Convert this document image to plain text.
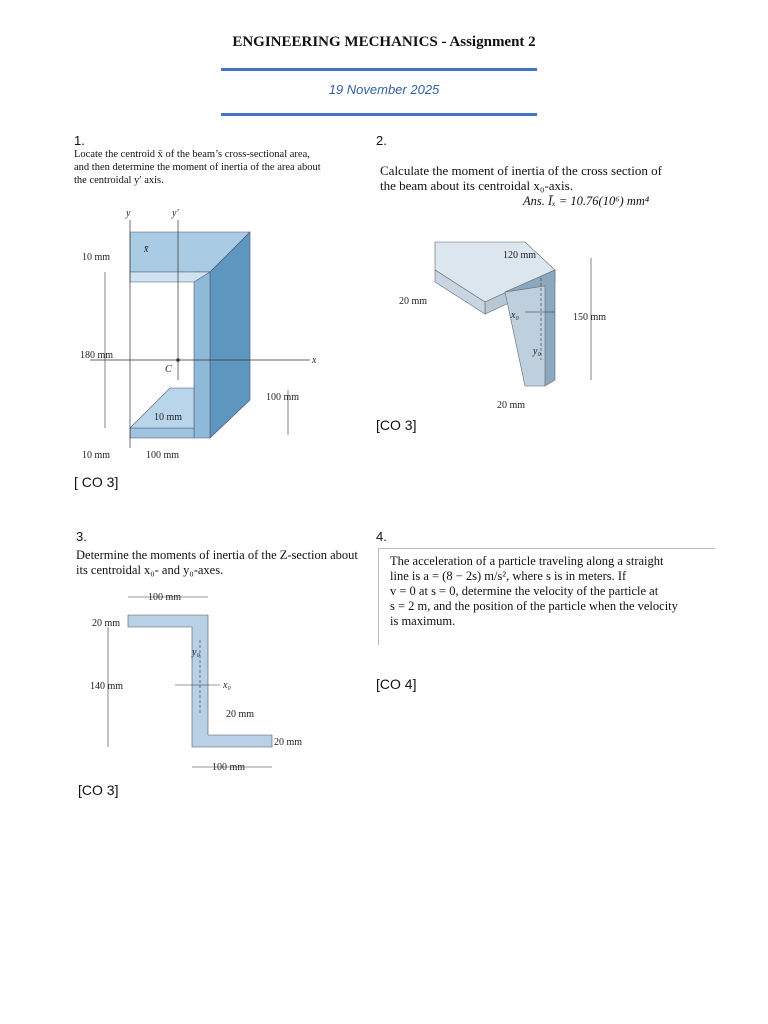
ENGINEERING MECHANICS - Assignment 2
19 November 2025
1.
Locate the centroid x̄ of the beam’s cross-sectional area, and then determine the moment of inertia of the area about the centroidal y′ axis.
y	y′
x̄
x
C
10 mm
180 mm
10 mm	100 mm
100 mm
10 mm
[ CO 3]
2.
Calculate the moment of inertia of the cross section of the beam about its centroidal x₀-axis.
Ans. Īₓ = 10.76(10⁶) mm⁴
120 mm
20 mm
150 mm
20 mm
x₀
y₀
[CO 3]
3.
Determine the moments of inertia of the Z-section about its centroidal x₀- and y₀-axes.
100 mm
20 mm
140 mm
20 mm
20 mm
100 mm
x₀
y₀
[CO 3]
4.
The acceleration of a particle traveling along a straight
line is a = (8 − 2s) m/s², where s is in meters. If
v = 0 at s = 0, determine the velocity of the particle at
s = 2 m, and the position of the particle when the velocity
is maximum.
[CO 4]
